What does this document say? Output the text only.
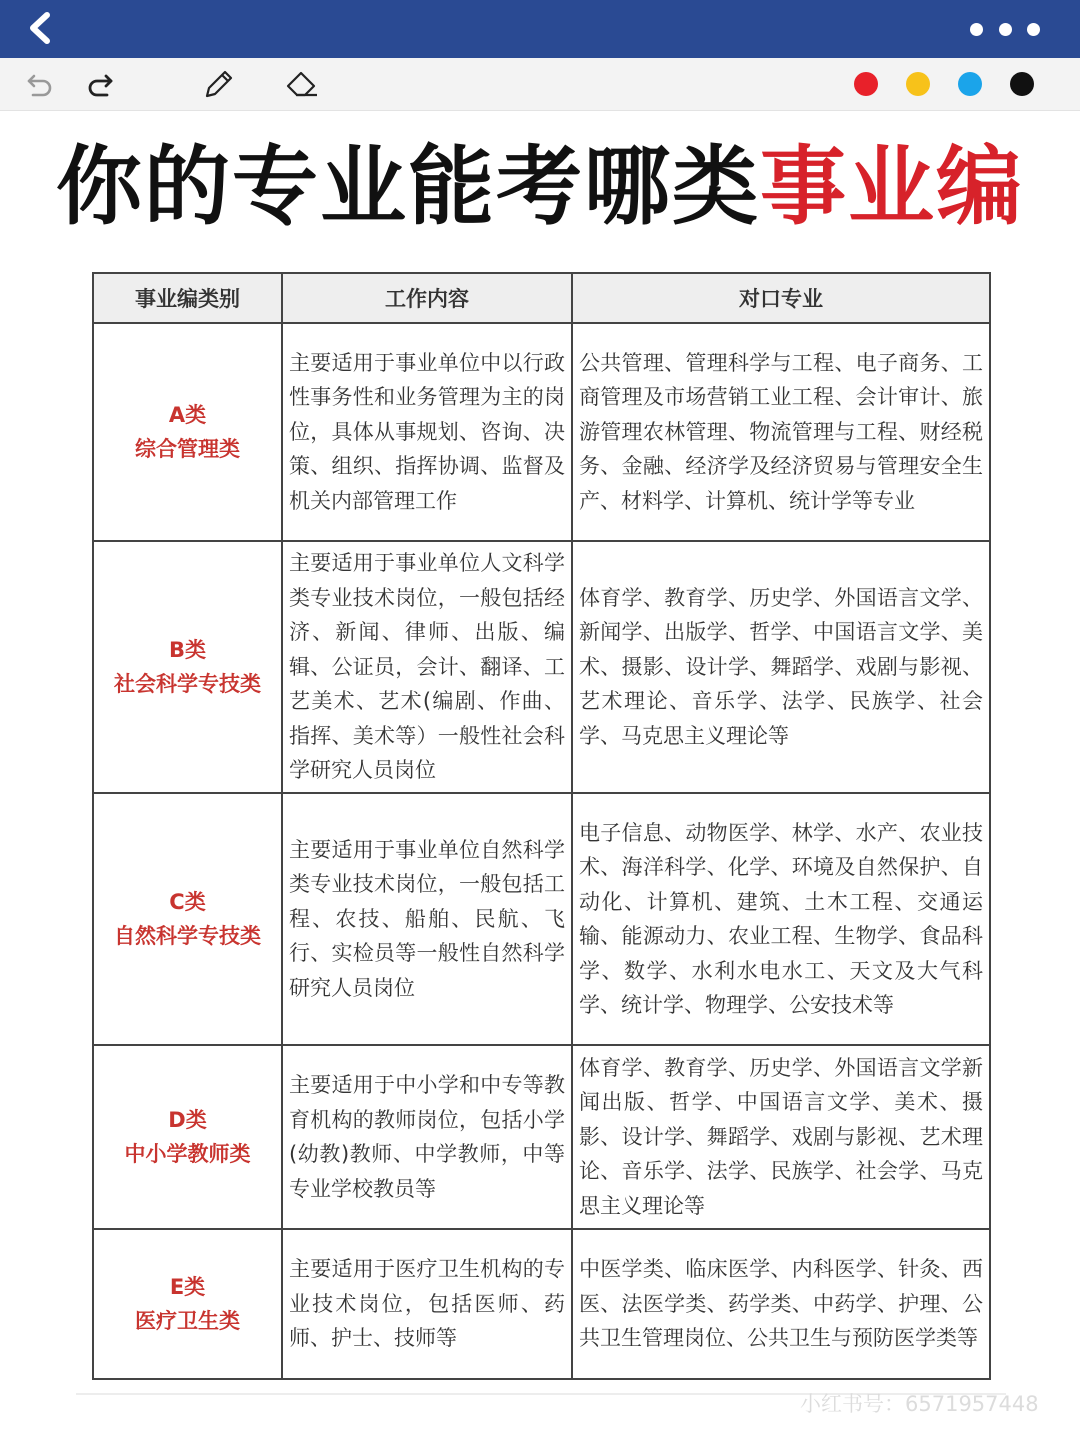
你的专业能考哪类事业编
事业编类别	工作内容	对口专业

A类
综合管理类	主要适用于事业单位中以行政性事务性和业务管理为主的岗位，具体从事规划、咨询、决策、组织、指挥协调、监督及机关内部管理工作	公共管理、管理科学与工程、电子商务、工商管理及市场营销工业工程、会计审计、旅游管理农林管理、物流管理与工程、财经税务、金融、经济学及经济贸易与管理安全生产、材料学、计算机、统计学等专业

B类
社会科学专技类	主要适用于事业单位人文科学类专业技术岗位，一般包括经济、新闻、律师、出版、编辑、公证员，会计、翻译、工艺美术、艺术(编剧、作曲、指挥、美术等）一般性社会科学研究人员岗位	体育学、教育学、历史学、外国语言文学、新闻学、出版学、哲学、中国语言文学、美术、摄影、设计学、舞蹈学、戏剧与影视、艺术理论、音乐学、法学、民族学、社会学、马克思主义理论等

C类
自然科学专技类	主要适用于事业单位自然科学类专业技术岗位，一般包括工程、农技、船舶、民航、飞行、实检员等一般性自然科学研究人员岗位	电子信息、动物医学、林学、水产、农业技术、海洋科学、化学、环境及自然保护、自动化、计算机、建筑、土木工程、交通运输、能源动力、农业工程、生物学、食品科学、数学、水利水电水工、天文及大气科学、统计学、物理学、公安技术等

D类
中小学教师类	主要适用于中小学和中专等教育机构的教师岗位，包括小学(幼教)教师、中学教师，中等专业学校教员等	体育学、教育学、历史学、外国语言文学新闻出版、哲学、中国语言文学、美术、摄影、设计学、舞蹈学、戏剧与影视、艺术理论、音乐学、法学、民族学、社会学、马克思主义理论等

E类
医疗卫生类	主要适用于医疗卫生机构的专业技术岗位，包括医师、药师、护士、技师等	中医学类、临床医学、内科医学、针灸、西医、法医学类、药学类、中药学、护理、公共卫生管理岗位、公共卫生与预防医学类等
小红书号：6571957448
